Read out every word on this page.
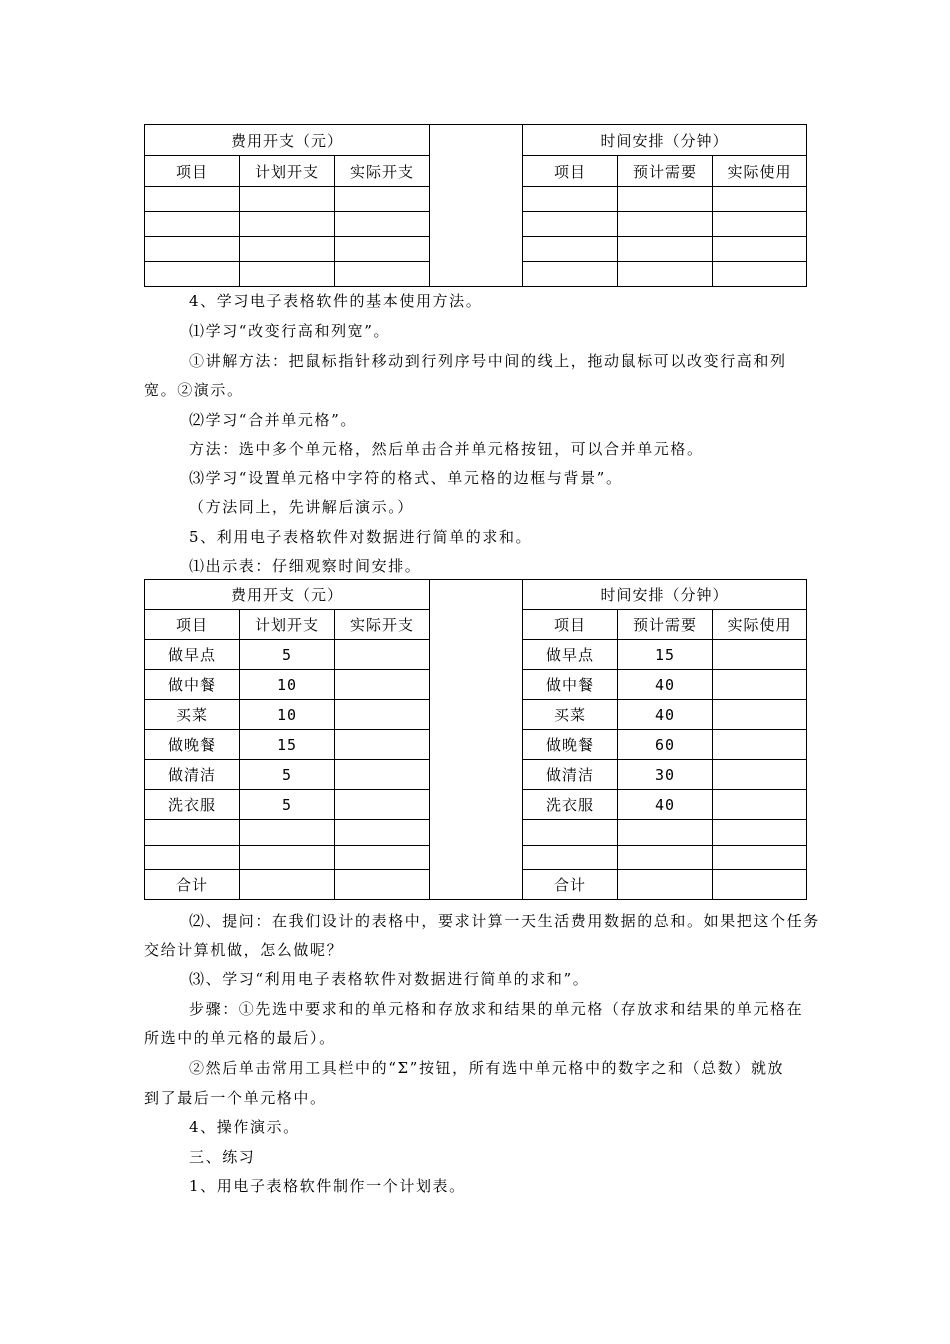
费用开支（元）				时间安排（分钟）		
项目	计划开支	实际开支		项目	预计需要	实际使用

4、学习电子表格软件的基本使用方法。
⑴学习“改变行高和列宽”。
①讲解方法：把鼠标指针移动到行列序号中间的线上，拖动鼠标可以改变行高和列
宽。②演示。
⑵学习“合并单元格”。
方法：选中多个单元格，然后单击合并单元格按钮，可以合并单元格。
⑶学习“设置单元格中字符的格式、单元格的边框与背景”。
（方法同上，先讲解后演示。）
5、利用电子表格软件对数据进行简单的求和。
⑴出示表：仔细观察时间安排。
费用开支（元）				时间安排（分钟）		
项目	计划开支	实际开支		项目	预计需要	实际使用
做早点	5			做早点	15	
做中餐	10			做中餐	40	
买菜	10			买菜	40	
做晚餐	15			做晚餐	60	
做清洁	5			做清洁	30	
洗衣服	5			洗衣服	40	

合计				合计		
⑵、提问：在我们设计的表格中，要求计算一天生活费用数据的总和。如果把这个任务
交给计算机做，怎么做呢？
⑶、学习“利用电子表格软件对数据进行简单的求和”。
步骤：①先选中要求和的单元格和存放求和结果的单元格（存放求和结果的单元格在
所选中的单元格的最后）。
②然后单击常用工具栏中的“Σ”按钮，所有选中单元格中的数字之和（总数）就放
到了最后一个单元格中。
4、操作演示。
三、练习
1、用电子表格软件制作一个计划表。
